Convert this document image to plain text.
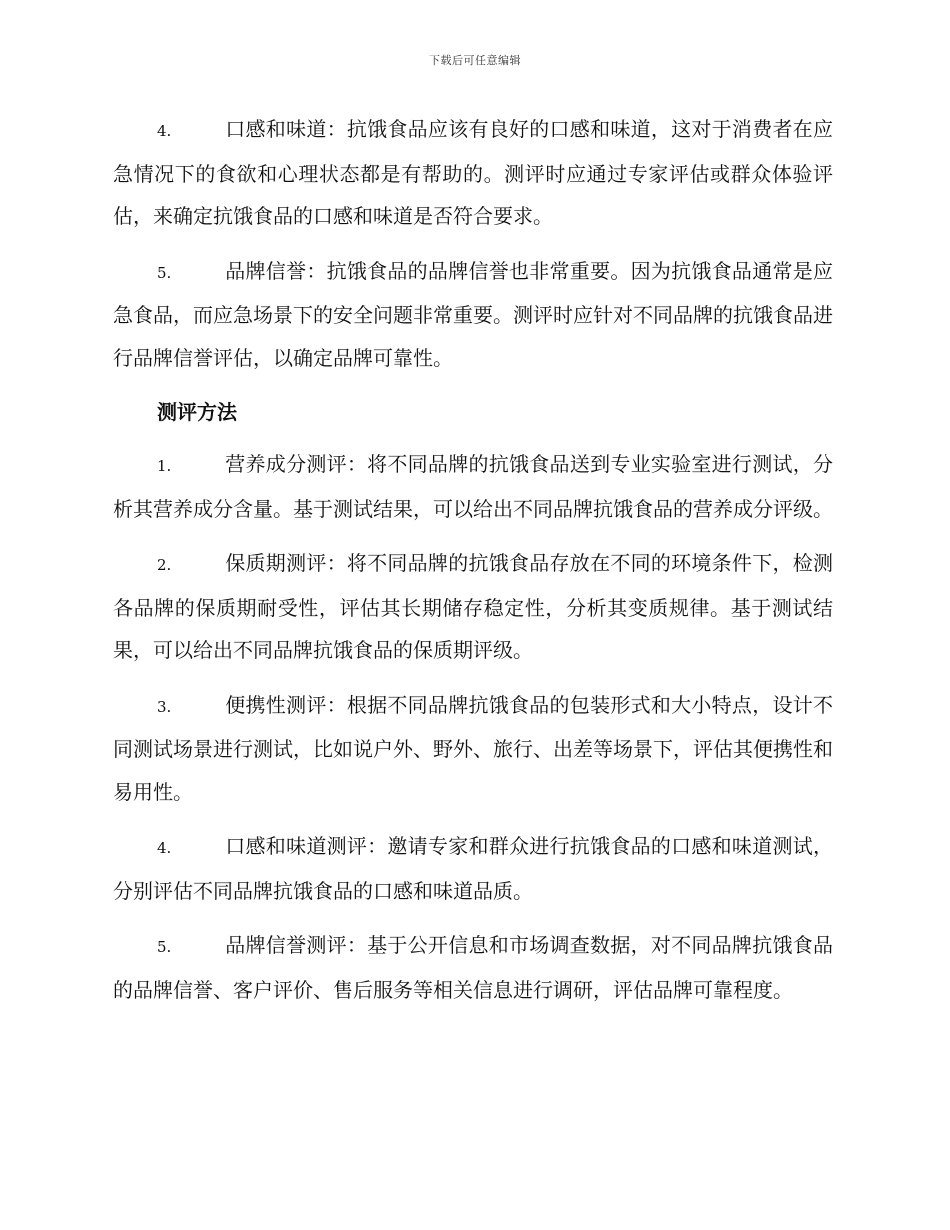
下载后可任意编辑

4.	口感和味道：抗饿食品应该有良好的口感和味道，这对于消费者在应急情况下的食欲和心理状态都是有帮助的。测评时应通过专家评估或群众体验评估，来确定抗饿食品的口感和味道是否符合要求。

5.	品牌信誉：抗饿食品的品牌信誉也非常重要。因为抗饿食品通常是应急食品，而应急场景下的安全问题非常重要。测评时应针对不同品牌的抗饿食品进行品牌信誉评估，以确定品牌可靠性。

测评方法

1.	营养成分测评：将不同品牌的抗饿食品送到专业实验室进行测试，分析其营养成分含量。基于测试结果，可以给出不同品牌抗饿食品的营养成分评级。

2.	保质期测评：将不同品牌的抗饿食品存放在不同的环境条件下，检测各品牌的保质期耐受性，评估其长期储存稳定性，分析其变质规律。基于测试结果，可以给出不同品牌抗饿食品的保质期评级。

3.	便携性测评：根据不同品牌抗饿食品的包装形式和大小特点，设计不同测试场景进行测试，比如说户外、野外、旅行、出差等场景下，评估其便携性和易用性。

4.	口感和味道测评：邀请专家和群众进行抗饿食品的口感和味道测试，分别评估不同品牌抗饿食品的口感和味道品质。

5.	品牌信誉测评：基于公开信息和市场调查数据，对不同品牌抗饿食品的品牌信誉、客户评价、售后服务等相关信息进行调研，评估品牌可靠程度。
